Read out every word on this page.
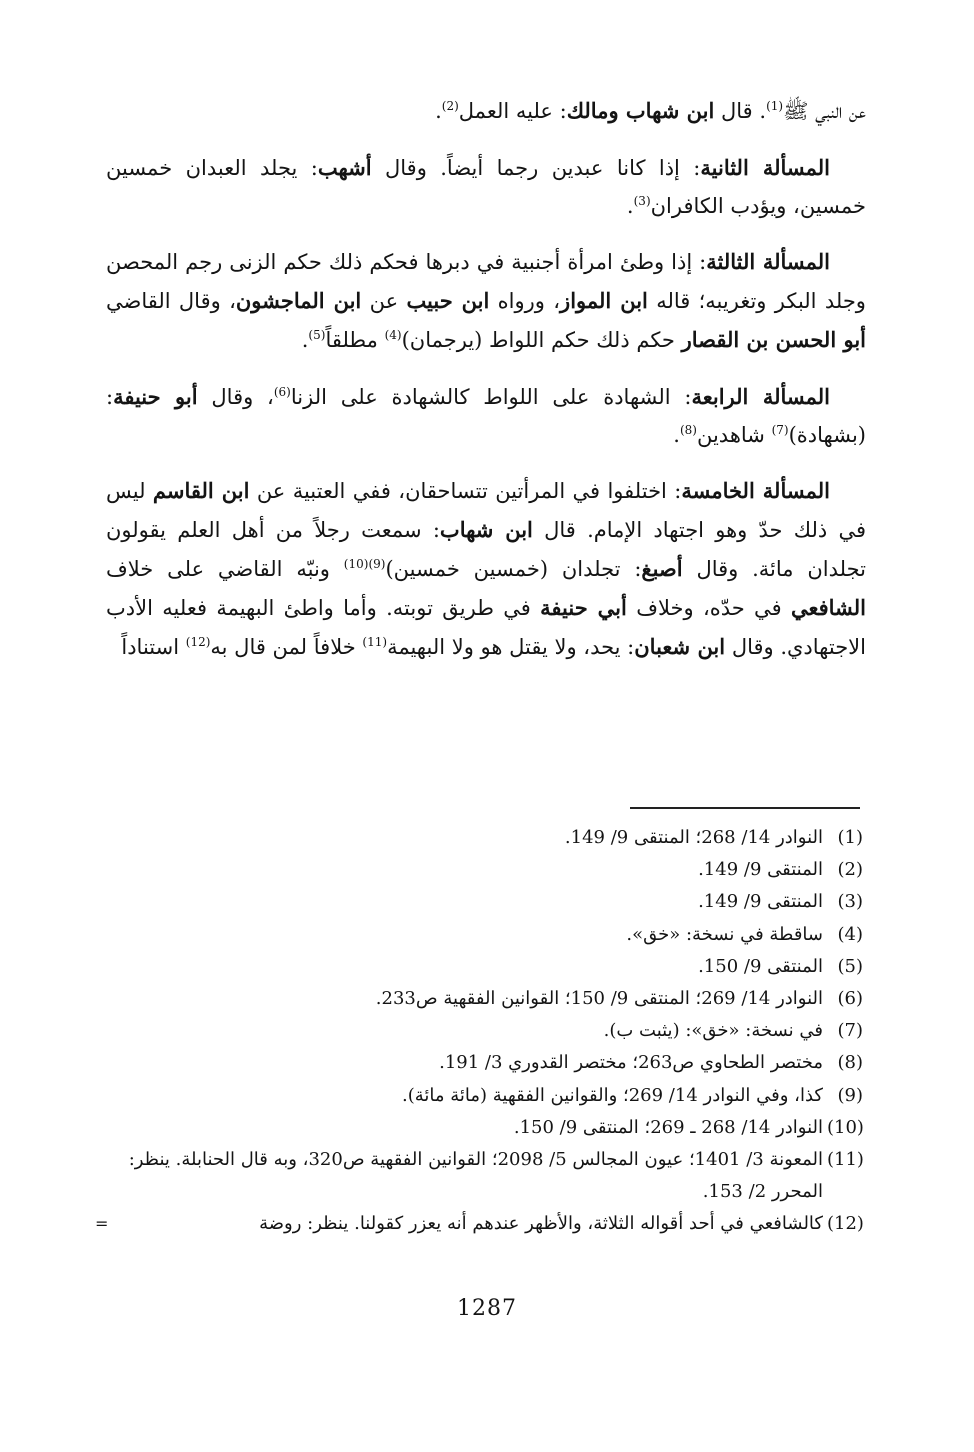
عن النبي ﷺ$^{(1)}$. قال ابن شهاب ومالك: عليه العمل$^{(2)}$.

المسألة الثانية: إذا كانا عبدين رجما أيضاً. وقال أشهب: يجلد العبدان خمسين خمسين، ويؤدب الكافران$^{(3)}$.

المسألة الثالثة: إذا وطئ امرأة أجنبية في دبرها فحكم ذلك حكم الزنى رجم المحصن وجلد البكر وتغريبه؛ قاله ابن المواز، ورواه ابن حبيب عن ابن الماجشون، وقال القاضي أبو الحسن بن القصار حكم ذلك حكم اللواط (يرجمان)$^{(4)}$ مطلقاً$^{(5)}$.

المسألة الرابعة: الشهادة على اللواط كالشهادة على الزنا$^{(6)}$، وقال أبو حنيفة: (بشهادة)$^{(7)}$ شاهدين$^{(8)}$.

المسألة الخامسة: اختلفوا في المرأتين تتساحقان، ففي العتبية عن ابن القاسم ليس في ذلك حدّ وهو اجتهاد الإمام. قال ابن شهاب: سمعت رجلاً من أهل العلم يقولون تجلدان مائة. وقال أصبغ: تجلدان (خمسين خمسين)$^{(9)(10)}$ ونبّه القاضي على خلاف الشافعي في حدّه، وخلاف أبي حنيفة في طريق توبته. وأما واطئ البهيمة فعليه الأدب الاجتهادي. وقال ابن شعبان: يحد، ولا يقتل هو ولا البهيمة$^{(11)}$ خلافاً لمن قال به$^{(12)}$ استناداً

(1)
النوادر 14/ 268؛ المنتقى 9/ 149.
(2)
المنتقى 9/ 149.
(3)
المنتقى 9/ 149.
(4)
ساقطة في نسخة: «خق».
(5)
المنتقى 9/ 150.
(6)
النوادر 14/ 269؛ المنتقى 9/ 150؛ القوانين الفقهية ص233.
(7)
في نسخة: «خق»: (يثبت ب).
(8)
مختصر الطحاوي ص263؛ مختصر القدوري 3/ 191.
(9)
كذا، وفي النوادر 14/ 269؛ والقوانين الفقهية (مائة مائة).
(10)
النوادر 14/ 268 ـ 269؛ المنتقى 9/ 150.
(11)
المعونة 3/ 1401؛ عيون المجالس 5/ 2098؛ القوانين الفقهية ص320، وبه قال الحنابلة. ينظر: المحرر 2/ 153.
(12)
كالشافعي في أحد أقواله الثلاثة، والأظهر عندهم أنه يعزر كقولنا. ينظر: روضة
=
1287
